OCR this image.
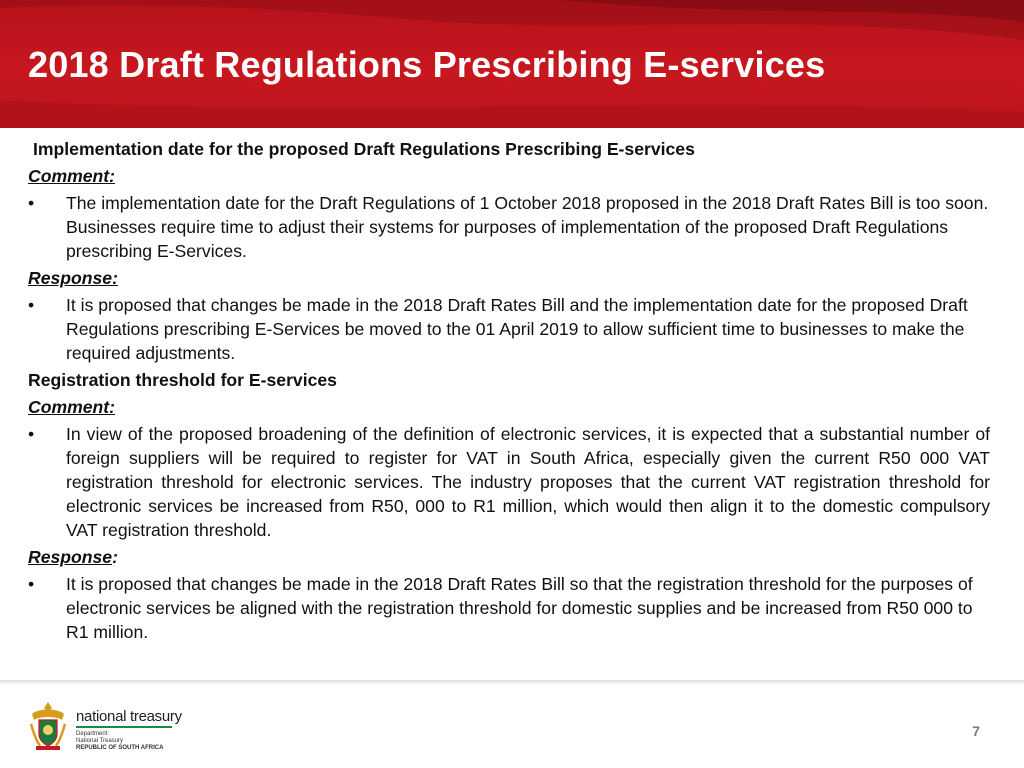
2018 Draft Regulations Prescribing E-services

Implementation date for the proposed Draft Regulations Prescribing E-services

Comment:

•	The implementation date for the Draft Regulations of 1 October 2018 proposed in the 2018 Draft Rates Bill is too soon. Businesses require time to adjust their systems for purposes of implementation of the proposed Draft Regulations prescribing E-Services.

Response:

•	It is proposed that changes be made in the 2018 Draft Rates Bill and the implementation date for the proposed Draft Regulations prescribing E-Services be moved to the 01 April 2019 to allow sufficient time to businesses to make the required adjustments.

Registration threshold for E-services

Comment:

•	In view of the proposed broadening of the definition of electronic services, it is expected that a substantial number of foreign suppliers will be required to register for VAT in South Africa, especially given the current R50 000 VAT registration threshold for electronic services. The industry proposes that the current VAT registration threshold for electronic services be increased from R50, 000 to R1 million, which would then align it to the domestic compulsory VAT registration threshold.

Response:

•	It is proposed that changes be made in the 2018 Draft Rates Bill so that the registration threshold for the purposes of electronic services be aligned with the registration threshold for domestic supplies and be increased from R50 000 to R1 million.

national treasury
Department:
National Treasury
REPUBLIC OF SOUTH AFRICA
7
